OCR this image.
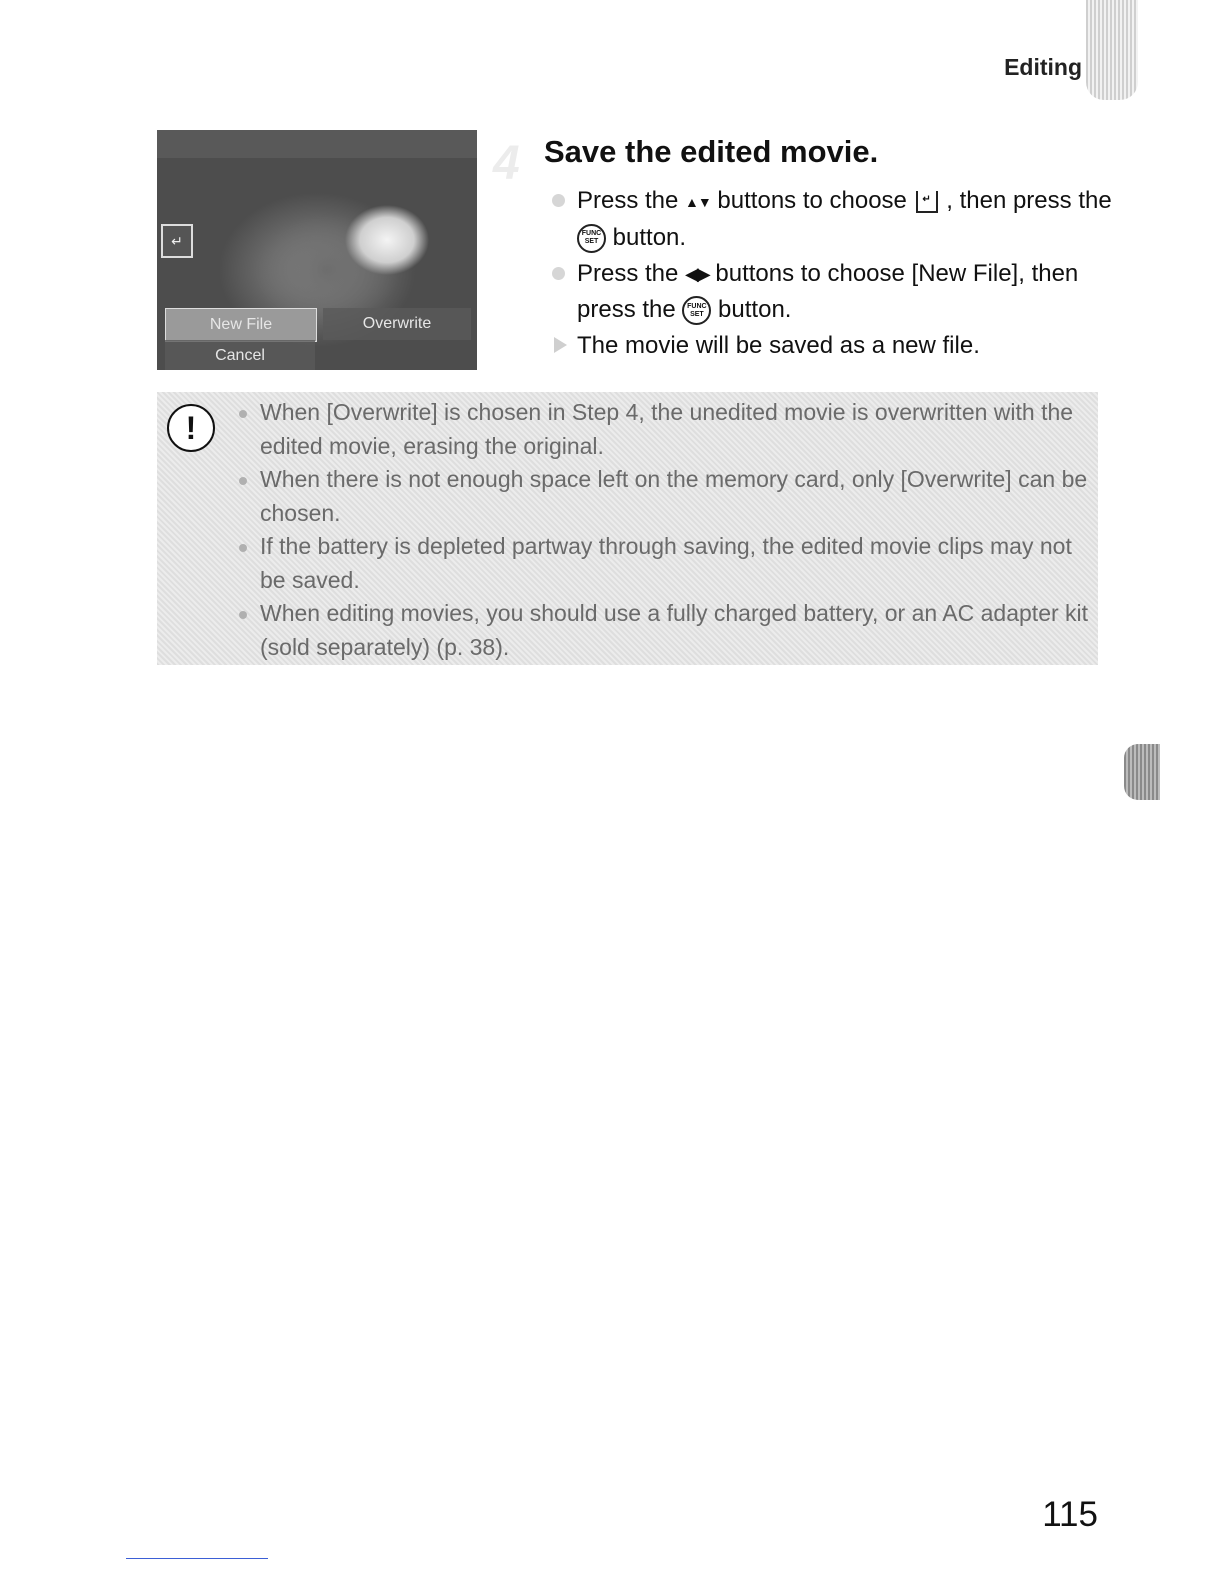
Editing
↵
New File	Overwrite
Cancel
4 Save the edited movie.
Press the ▲▼ buttons to choose ↵ , then press the
FUNC
SET button.
Press the ◀▶ buttons to choose [New File], then press the FUNC
SET button.
The movie will be saved as a new file.
!	When [Overwrite] is chosen in Step 4, the unedited movie is overwritten with the edited movie, erasing the original.
When there is not enough space left on the memory card, only [Overwrite] can be chosen.
If the battery is depleted partway through saving, the edited movie clips may not be saved.
When editing movies, you should use a fully charged battery, or an AC adapter kit (sold separately) (p. 38).
115
